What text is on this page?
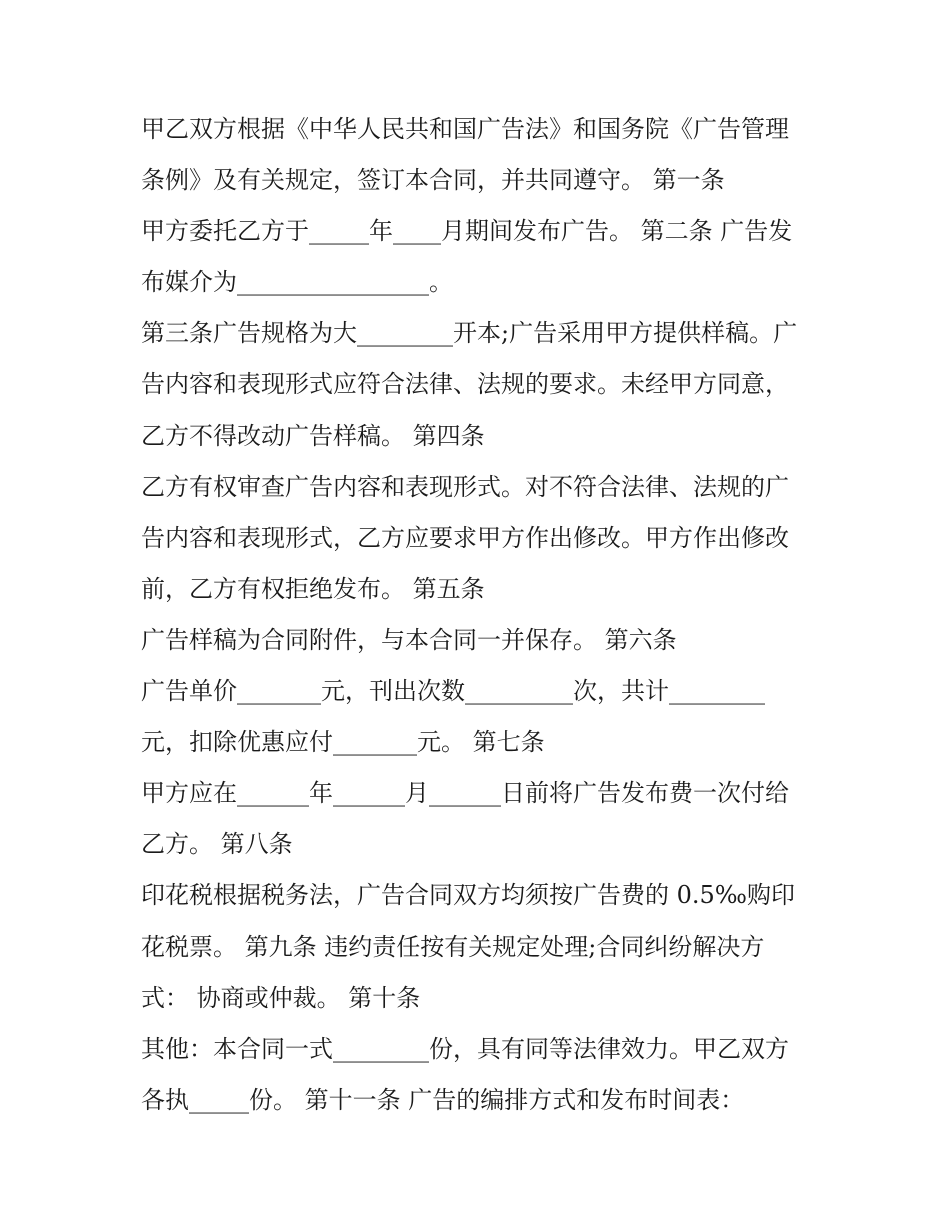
甲乙双方根据《中华人民共和国广告法》和国务院《广告管理
条例》及有关规定，签订本合同，并共同遵守。 第一条
甲方委托乙方于_____年____月期间发布广告。 第二条 广告发
布媒介为________________。
第三条广告规格为大________开本;广告采用甲方提供样稿。广
告内容和表现形式应符合法律、法规的要求。未经甲方同意，
乙方不得改动广告样稿。 第四条
乙方有权审查广告内容和表现形式。对不符合法律、法规的广
告内容和表现形式，乙方应要求甲方作出修改。甲方作出修改
前，乙方有权拒绝发布。 第五条
广告样稿为合同附件，与本合同一并保存。 第六条
广告单价_______元，刊出次数_________次，共计________
元，扣除优惠应付_______元。 第七条
甲方应在______年______月______日前将广告发布费一次付给
乙方。 第八条
印花税根据税务法，广告合同双方均须按广告费的 0.5‰购印
花税票。 第九条 违约责任按有关规定处理;合同纠纷解决方
式： 协商或仲裁。 第十条
其他：本合同一式________份，具有同等法律效力。甲乙双方
各执_____份。 第十一条 广告的编排方式和发布时间表：
